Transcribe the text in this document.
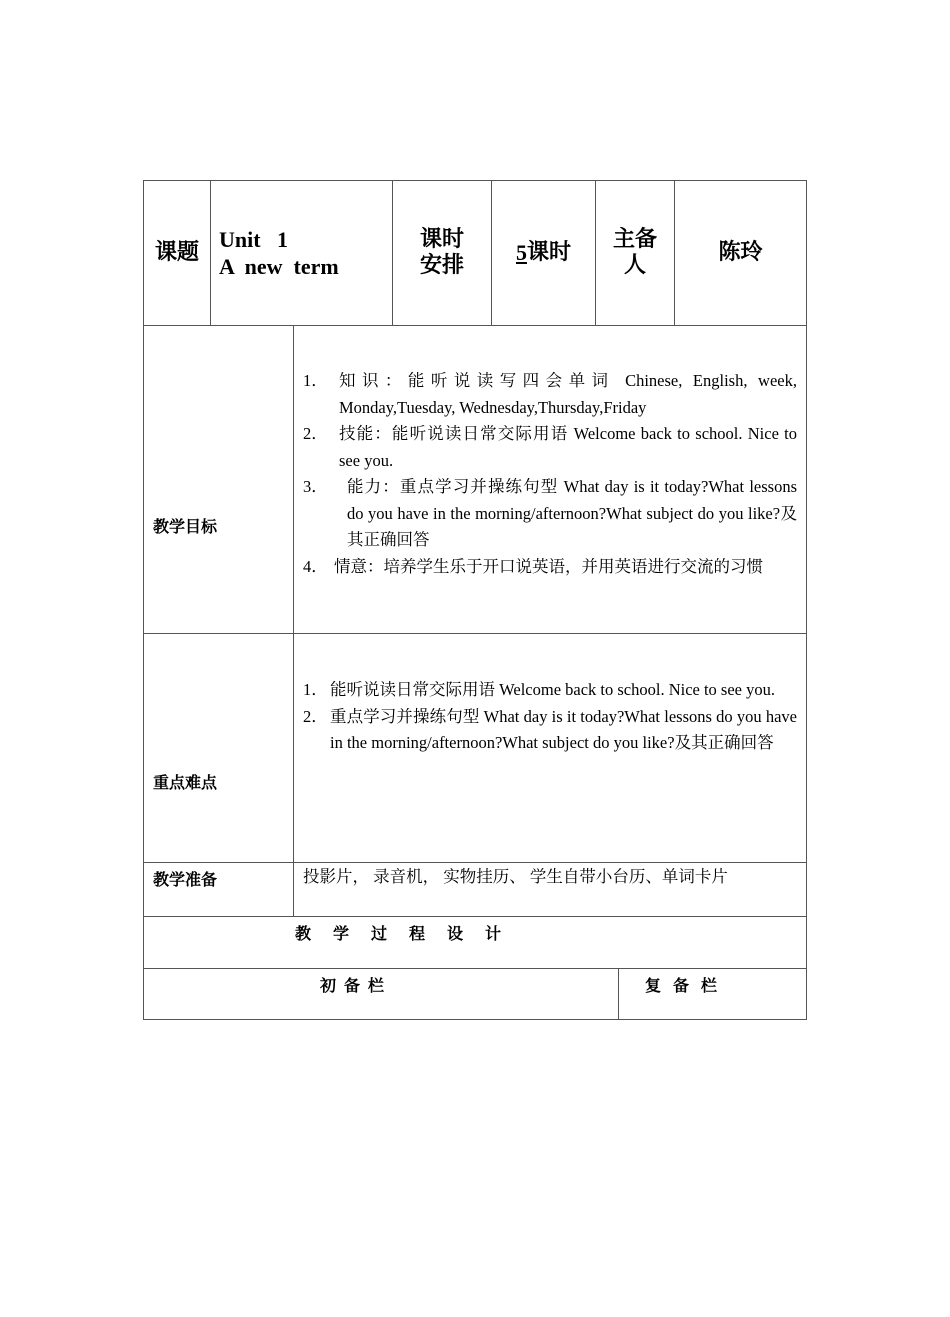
课题
Unit   1
A  new  term
课时
安排
5 课时
主备
人
陈玲
教学目标
1． 知识：能听说读写四会单词 Chinese, English, week, Monday,Tuesday, Wednesday,Thursday,Friday
2． 技能：能听说读日常交际用语 Welcome back to school. Nice to see you.
3． 能力：重点学习并操练句型 What day is it today?What lessons do you have in the morning/afternoon?What subject do you like?及其正确回答
4． 情意：培养学生乐于开口说英语，并用英语进行交流的习惯
重点难点
1． 能听说读日常交际用语 Welcome back to school. Nice to see you.
2． 重点学习并操练句型 What day is it today?What lessons do you have in the morning/afternoon?What subject do you like?及其正确回答
教学准备	投影片， 录音机， 实物挂历、 学生自带小台历、单词卡片
教学过程设计
初备栏	复备栏
